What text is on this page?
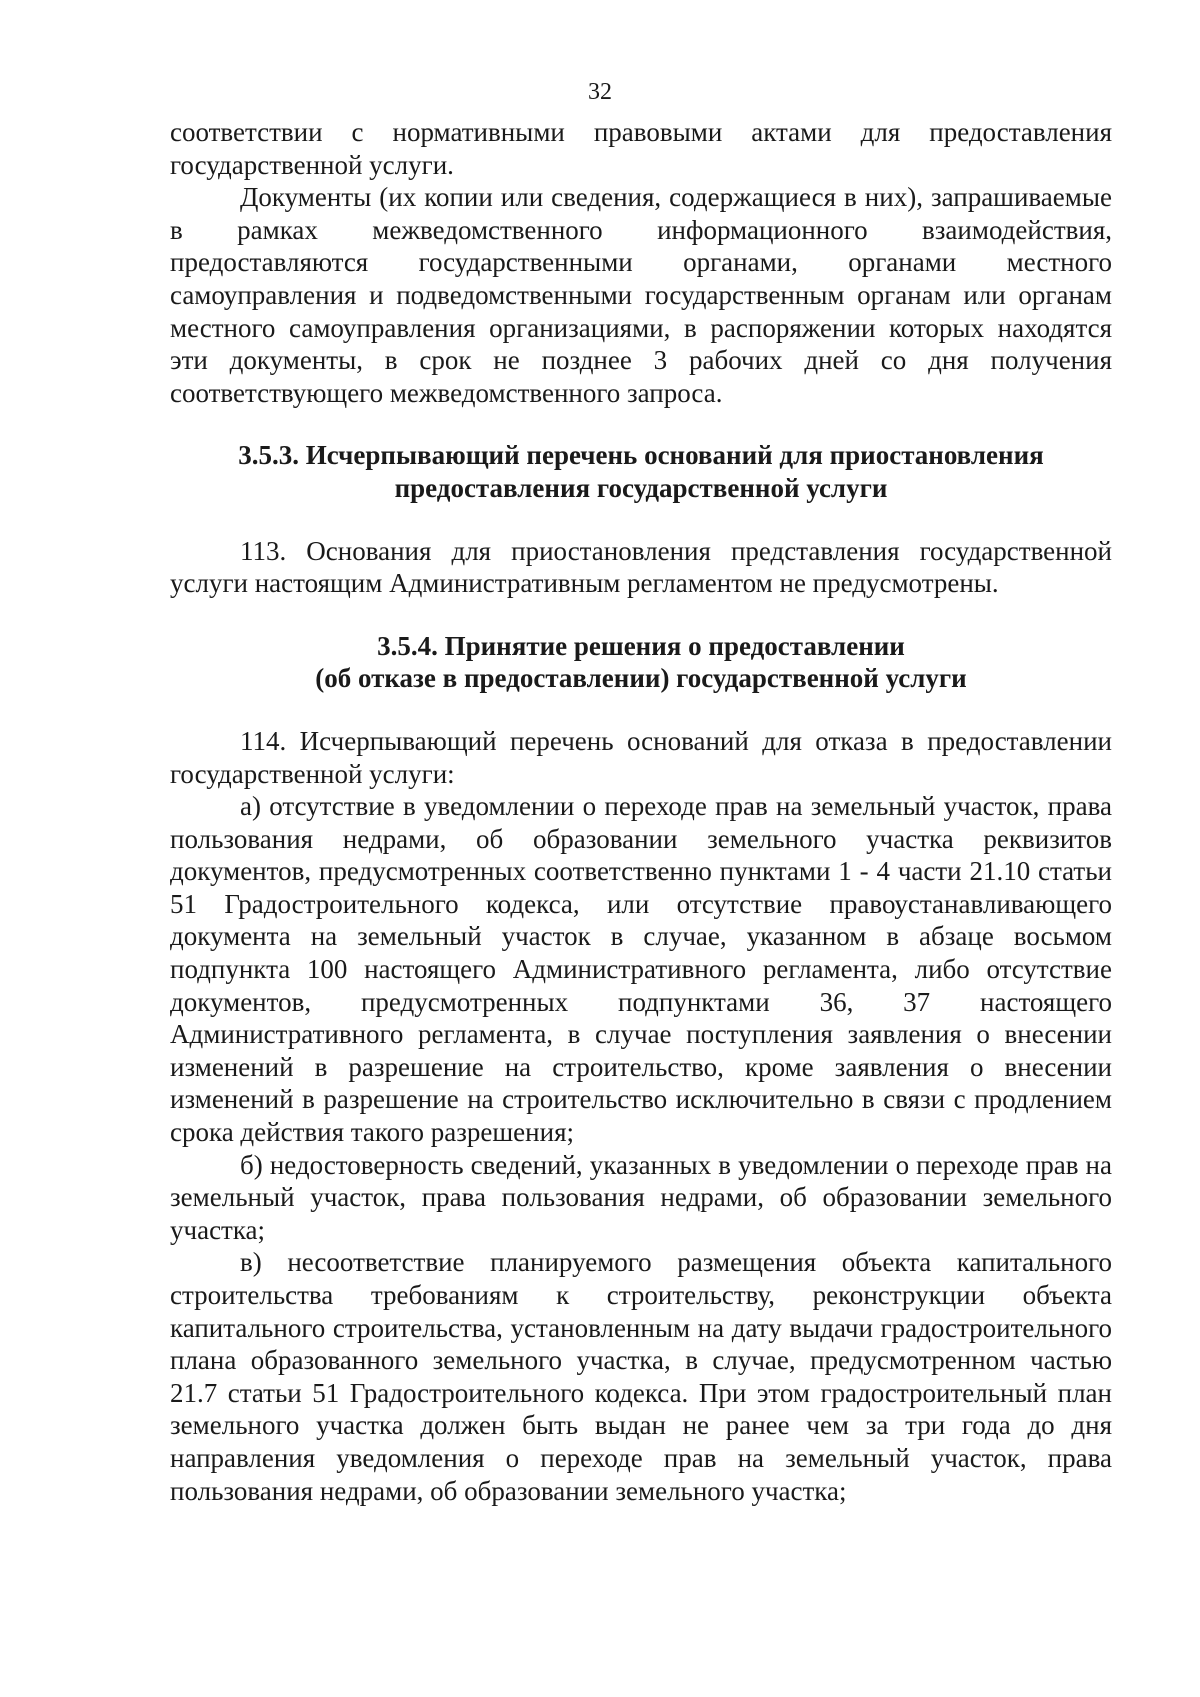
32

соответствии с нормативными правовыми актами для предоставления государственной услуги.

Документы (их копии или сведения, содержащиеся в них), запрашиваемые в рамках межведомственного информационного взаимодействия, предоставляются государственными органами, органами местного самоуправления и подведомственными государственным органам или органам местного самоуправления организациями, в распоряжении которых находятся эти документы, в срок не позднее 3 рабочих дней со дня получения соответствующего межведомственного запроса.

3.5.3. Исчерпывающий перечень оснований для приостановления
предоставления государственной услуги

113. Основания для приостановления представления государственной услуги настоящим Административным регламентом не предусмотрены.

3.5.4. Принятие решения о предоставлении
(об отказе в предоставлении) государственной услуги

114. Исчерпывающий перечень оснований для отказа в предоставлении государственной услуги:

а) отсутствие в уведомлении о переходе прав на земельный участок, права пользования недрами, об образовании земельного участка реквизитов документов, предусмотренных соответственно пунктами 1 - 4 части 21.10 статьи 51 Градостроительного кодекса, или отсутствие правоустанавливающего документа на земельный участок в случае, указанном в абзаце восьмом подпункта 100 настоящего Административного регламента, либо отсутствие документов, предусмотренных подпунктами 36, 37 настоящего Административного регламента, в случае поступления заявления о внесении изменений в разрешение на строительство, кроме заявления о внесении изменений в разрешение на строительство исключительно в связи с продлением срока действия такого разрешения;

б) недостоверность сведений, указанных в уведомлении о переходе прав на земельный участок, права пользования недрами, об образовании земельного участка;

в) несоответствие планируемого размещения объекта капитального строительства требованиям к строительству, реконструкции объекта капитального строительства, установленным на дату выдачи градостроительного плана образованного земельного участка, в случае, предусмотренном частью 21.7 статьи 51 Градостроительного кодекса. При этом градостроительный план земельного участка должен быть выдан не ранее чем за три года до дня направления уведомления о переходе прав на земельный участок, права пользования недрами, об образовании земельного участка;
